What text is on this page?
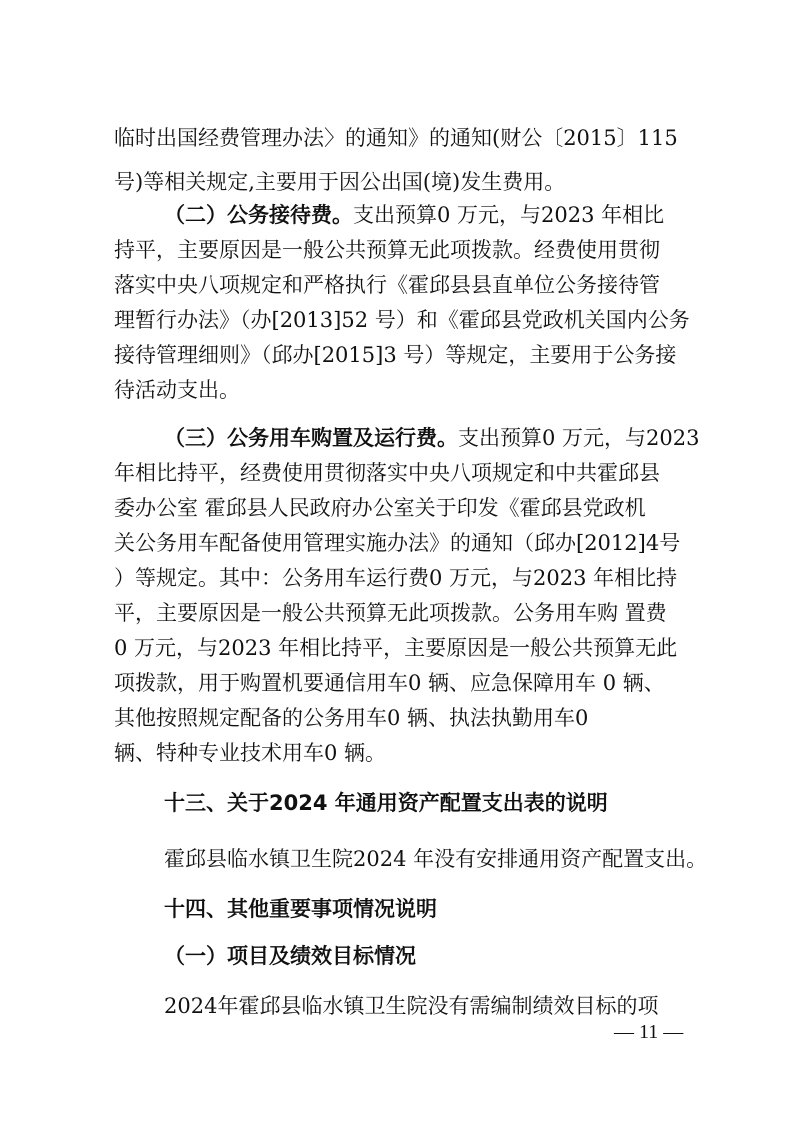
临时出国经费管理办法〉的通知》的通知(财公〔2015〕115
号)等相关规定,主要用于因公出国(境)发生费用。
（二）公务接待费。支出预算0 万元，与2023 年相比
持平，主要原因是一般公共预算无此项拨款。经费使用贯彻
落实中央八项规定和严格执行《霍邱县县直单位公务接待管
理暂行办法》（办[2013]52 号）和《霍邱县党政机关国内公务
接待管理细则》（邱办[2015]3 号）等规定，主要用于公务接
待活动支出。
（三）公务用车购置及运行费。支出预算0 万元，与2023
年相比持平，经费使用贯彻落实中央八项规定和中共霍邱县
委办公室 霍邱县人民政府办公室关于印发《霍邱县党政机
关公务用车配备使用管理实施办法》的通知（邱办[2012]4号
）等规定。其中：公务用车运行费0 万元，与2023 年相比持
平，主要原因是一般公共预算无此项拨款。公务用车购 置费
0 万元，与2023 年相比持平，主要原因是一般公共预算无此
项拨款，用于购置机要通信用车0 辆、应急保障用车 0 辆、
其他按照规定配备的公务用车0 辆、执法执勤用车0
辆、特种专业技术用车0 辆。
十三、关于2024 年通用资产配置支出表的说明
霍邱县临水镇卫生院2024 年没有安排通用资产配置支出。
十四、其他重要事项情况说明
（一）项目及绩效目标情况
2024年霍邱县临水镇卫生院没有需编制绩效目标的项
— 11 —
